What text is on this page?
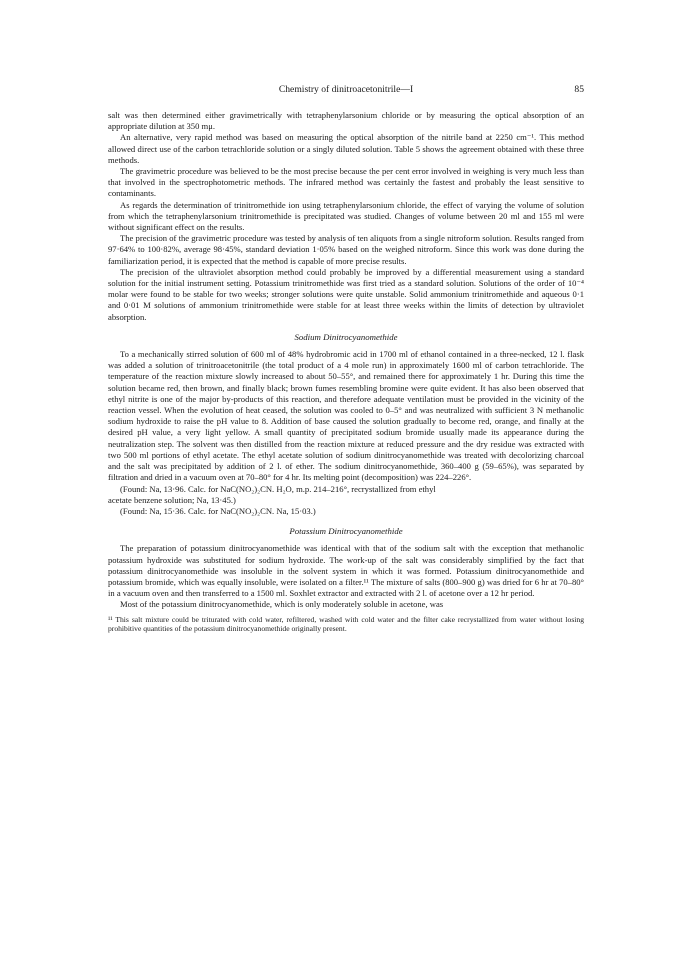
Chemistry of dinitroacetonitrile—I	85

salt was then determined either gravimetrically with tetraphenylarsonium chloride or by measuring the optical absorption of an appropriate dilution at 350 mμ.

An alternative, very rapid method was based on measuring the optical absorption of the nitrile band at 2250 cm⁻¹. This method allowed direct use of the carbon tetrachloride solution or a singly diluted solution. Table 5 shows the agreement obtained with these three methods.

The gravimetric procedure was believed to be the most precise because the per cent error involved in weighing is very much less than that involved in the spectrophotometric methods. The infrared method was certainly the fastest and probably the least sensitive to contaminants.

As regards the determination of trinitromethide ion using tetraphenylarsonium chloride, the effect of varying the volume of solution from which the tetraphenylarsonium trinitromethide is precipitated was studied. Changes of volume between 20 ml and 155 ml were without significant effect on the results.

The precision of the gravimetric procedure was tested by analysis of ten aliquots from a single nitroform solution. Results ranged from 97·64% to 100·82%, average 98·45%, standard deviation 1·05% based on the weighed nitroform. Since this work was done during the familiarization period, it is expected that the method is capable of more precise results.

The precision of the ultraviolet absorption method could probably be improved by a differential measurement using a standard solution for the initial instrument setting. Potassium trinitromethide was first tried as a standard solution. Solutions of the order of 10⁻⁴ molar were found to be stable for two weeks; stronger solutions were quite unstable. Solid ammonium trinitromethide and aqueous 0·1 and 0·01 M solutions of ammonium trinitromethide were stable for at least three weeks within the limits of detection by ultraviolet absorption.

Sodium Dinitrocyanomethide

To a mechanically stirred solution of 600 ml of 48% hydrobromic acid in 1700 ml of ethanol contained in a three-necked, 12 l. flask was added a solution of trinitroacetonitrile (the total product of a 4 mole run) in approximately 1600 ml of carbon tetrachloride. The temperature of the reaction mixture slowly increased to about 50–55°, and remained there for approximately 1 hr. During this time the solution became red, then brown, and finally black; brown fumes resembling bromine were quite evident. It has also been observed that ethyl nitrite is one of the major by-products of this reaction, and therefore adequate ventilation must be provided in the vicinity of the reaction vessel. When the evolution of heat ceased, the solution was cooled to 0–5° and was neutralized with sufficient 3 N methanolic sodium hydroxide to raise the pH value to 8. Addition of base caused the solution gradually to become red, orange, and finally at the desired pH value, a very light yellow. A small quantity of precipitated sodium bromide usually made its appearance during the neutralization step. The solvent was then distilled from the reaction mixture at reduced pressure and the dry residue was extracted with two 500 ml portions of ethyl acetate. The ethyl acetate solution of sodium dinitrocyanomethide was treated with decolorizing charcoal and the salt was precipitated by addition of 2 l. of ether. The sodium dinitrocyanomethide, 360–400 g (59–65%), was separated by filtration and dried in a vacuum oven at 70–80° for 4 hr. Its melting point (decomposition) was 224–226°.

(Found: Na, 13·96. Calc. for NaC(NO₂)₂CN. H₂O, m.p. 214–216°, recrystallized from ethyl

acetate benzene solution; Na, 13·45.)

(Found: Na, 15·36. Calc. for NaC(NO₂)₂CN. Na, 15·03.)

Potassium Dinitrocyanomethide

The preparation of potassium dinitrocyanomethide was identical with that of the sodium salt with the exception that methanolic potassium hydroxide was substituted for sodium hydroxide. The work-up of the salt was considerably simplified by the fact that potassium dinitrocyanomethide was insoluble in the solvent system in which it was formed. Potassium dinitrocyanomethide and potassium bromide, which was equally insoluble, were isolated on a filter.¹¹ The mixture of salts (800–900 g) was dried for 6 hr at 70–80° in a vacuum oven and then transferred to a 1500 ml. Soxhlet extractor and extracted with 2 l. of acetone over a 12 hr period.

Most of the potassium dinitrocyanomethide, which is only moderately soluble in acetone, was

¹¹ This salt mixture could be triturated with cold water, refiltered, washed with cold water and the filter cake recrystallized from water without losing prohibitive quantities of the potassium dinitrocyanomethide originally present.
